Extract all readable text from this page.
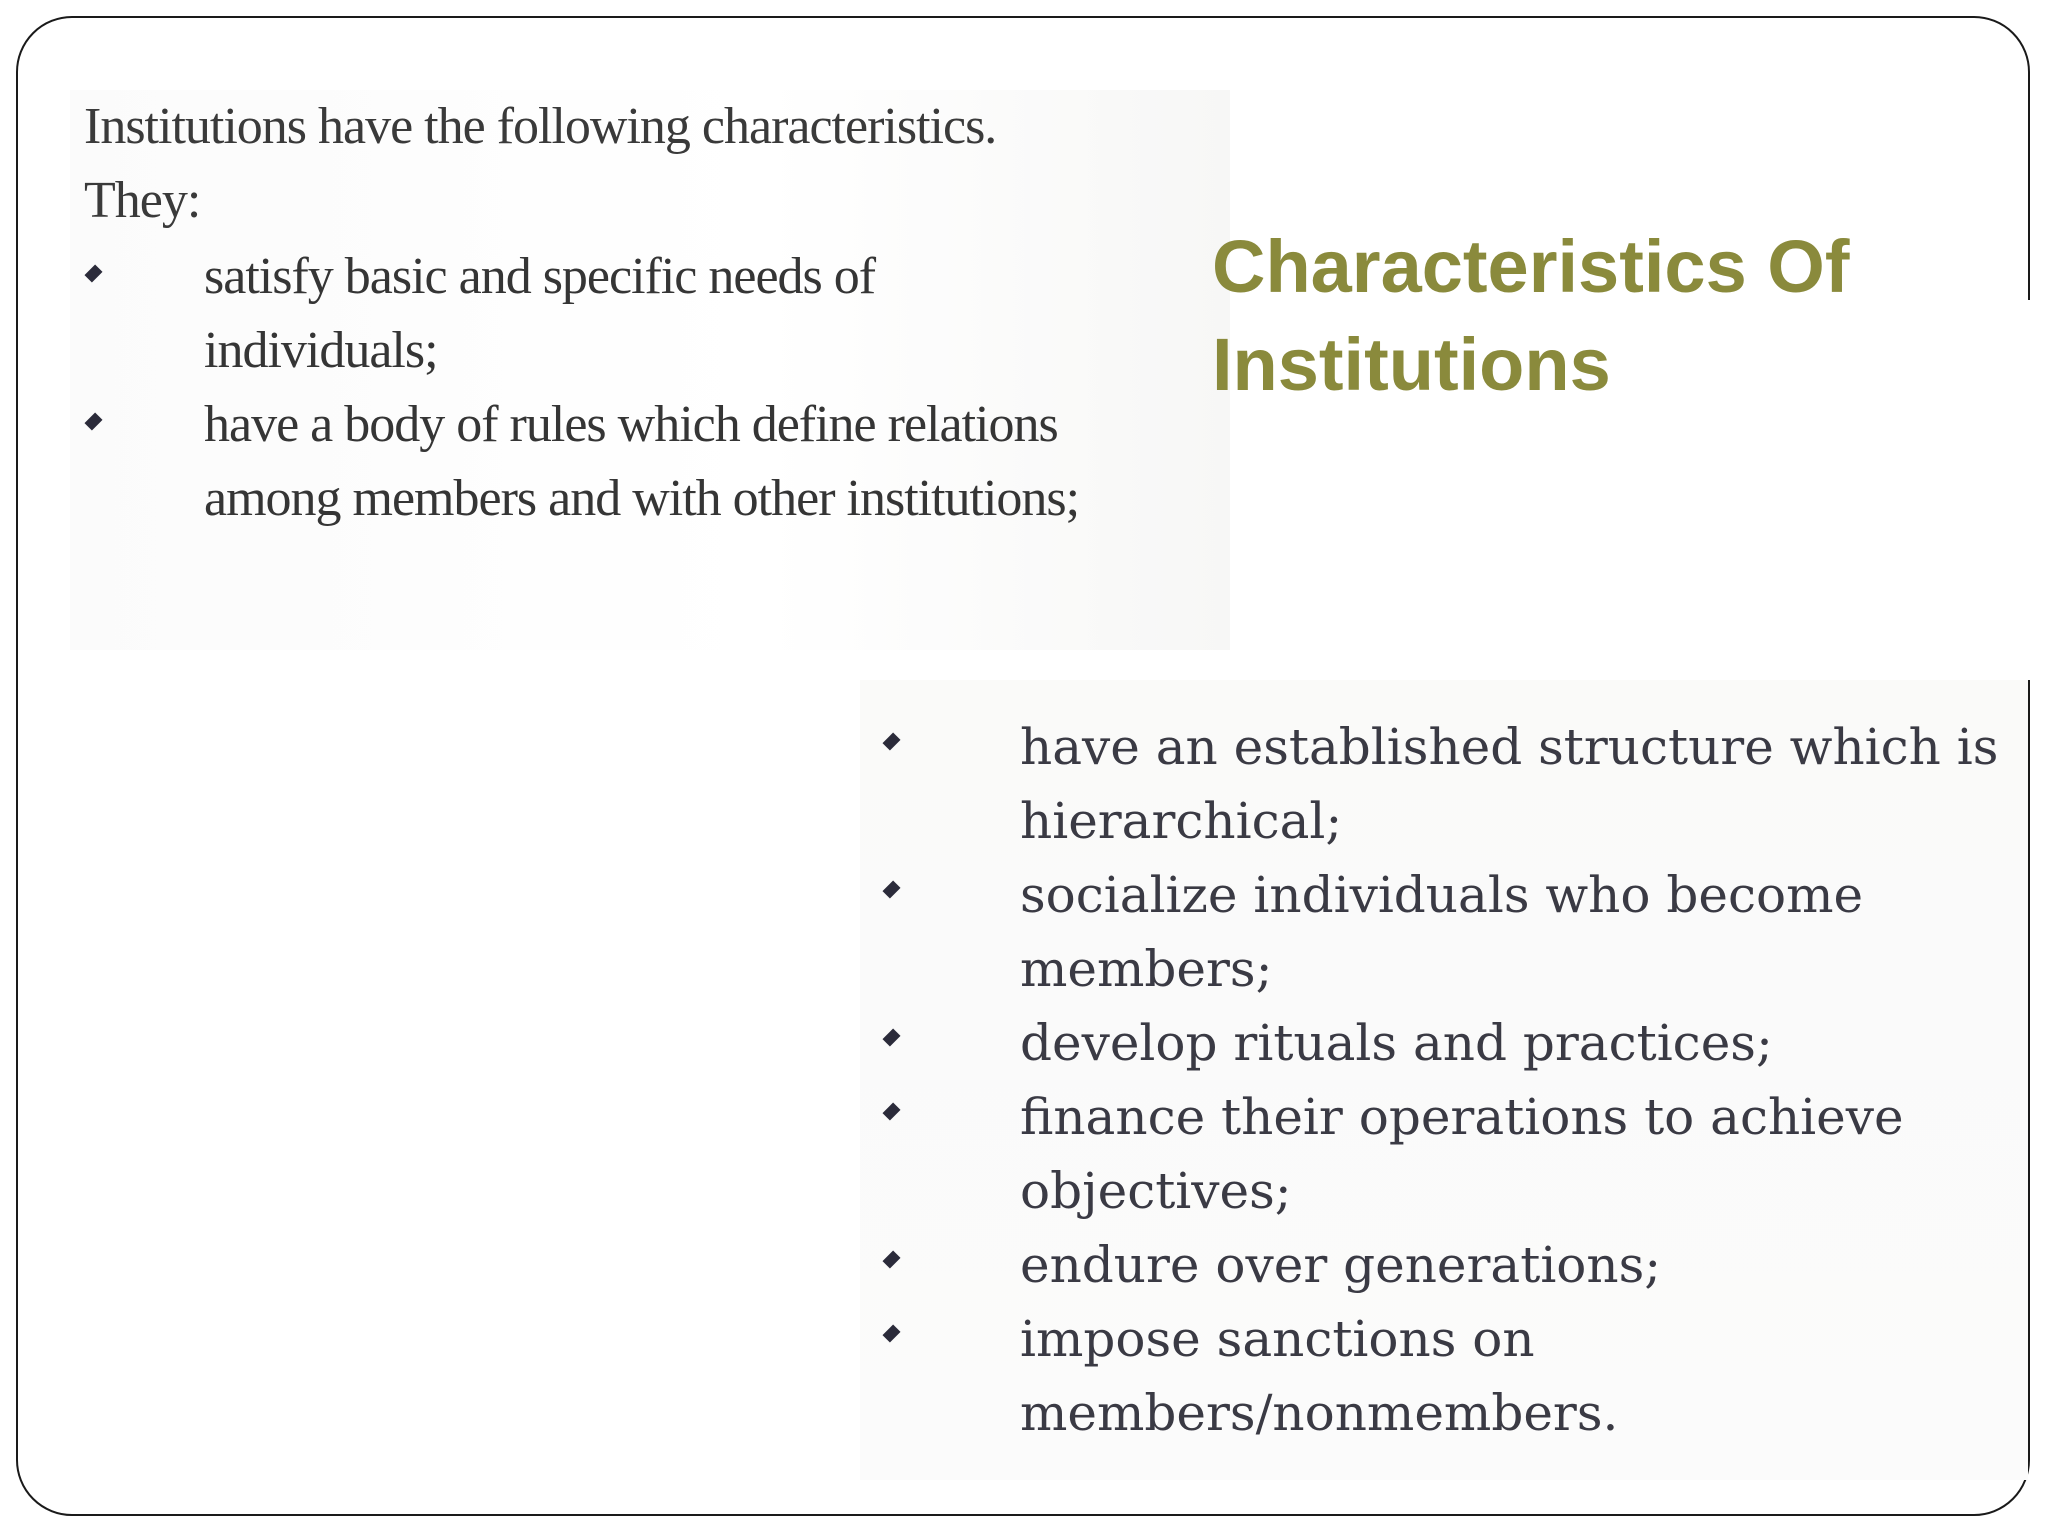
Institutions have the following characteristics.
They:
satisfy basic and specific needs of individuals;
have a body of rules which define relations among members and with other institutions;
Characteristics Of Institutions
have an established structure which is hierarchical;
socialize individuals who become members;
develop rituals and practices;
finance their operations to achieve objectives;
endure over generations;
impose sanctions on members/nonmembers.
